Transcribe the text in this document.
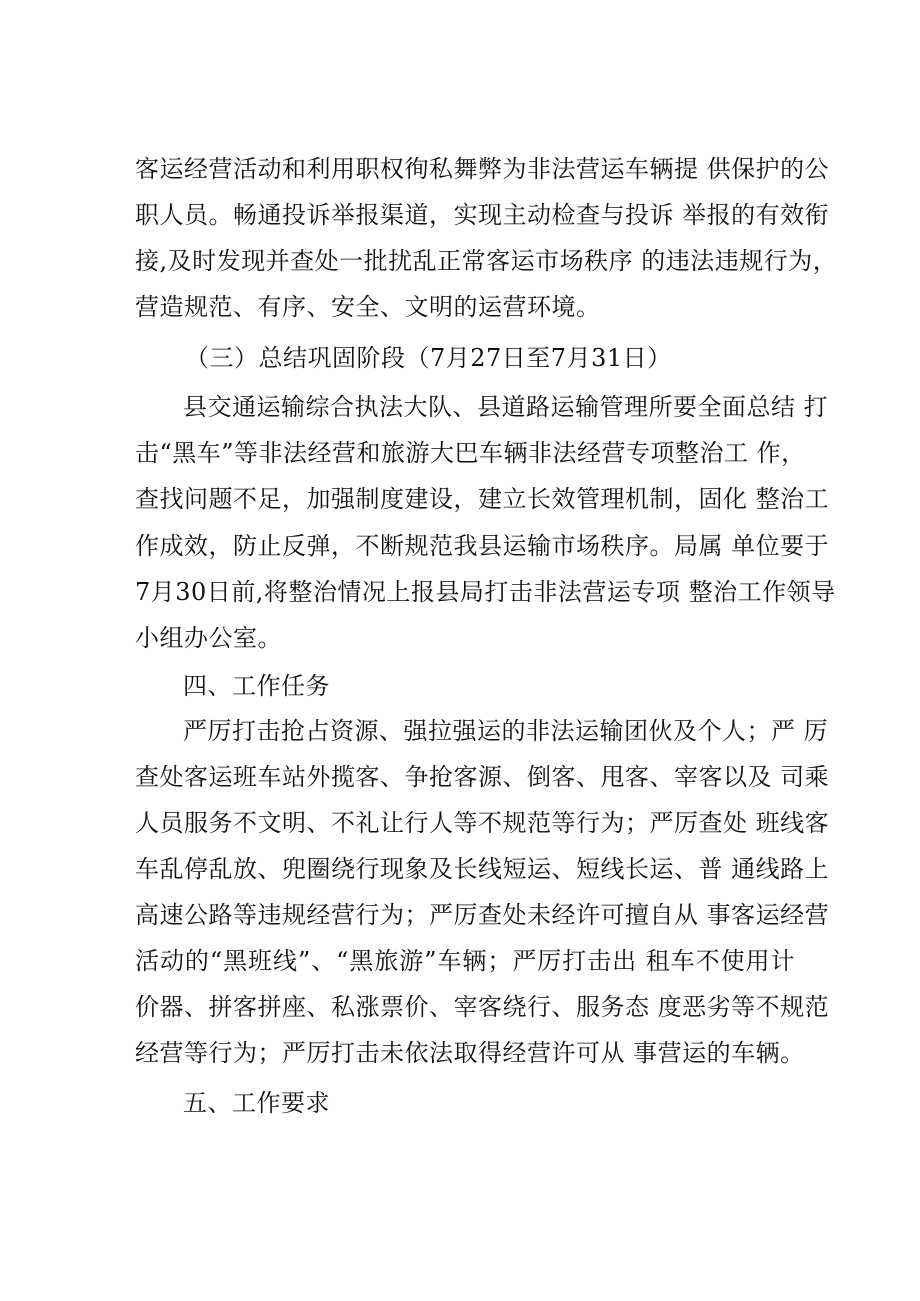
客运经营活动和利用职权徇私舞弊为非法营运车辆提 供保护的公
职人员。畅通投诉举报渠道，实现主动检查与投诉 举报的有效衔
接,及时发现并查处一批扰乱正常客运市场秩序 的违法违规行为，
营造规范、有序、安全、文明的运营环境。
（三）总结巩固阶段（7月27日至7月31日）
县交通运输综合执法大队、县道路运输管理所要全面总结 打
击“黑车”等非法经营和旅游大巴车辆非法经营专项整治工 作，
查找问题不足，加强制度建设，建立长效管理机制，固化 整治工
作成效，防止反弹，不断规范我县运输市场秩序。局属 单位要于
7月30日前,将整治情况上报县局打击非法营运专项 整治工作领导
小组办公室。
四、工作任务
严厉打击抢占资源、强拉强运的非法运输团伙及个人；严 厉
查处客运班车站外揽客、争抢客源、倒客、甩客、宰客以及 司乘
人员服务不文明、不礼让行人等不规范等行为；严厉查处 班线客
车乱停乱放、兜圈绕行现象及长线短运、短线长运、普 通线路上
高速公路等违规经营行为；严厉查处未经许可擅自从 事客运经营
活动的“黑班线”、“黑旅游”车辆；严厉打击出 租车不使用计
价器、拼客拼座、私涨票价、宰客绕行、服务态 度恶劣等不规范
经营等行为；严厉打击未依法取得经营许可从 事营运的车辆。
五、工作要求
